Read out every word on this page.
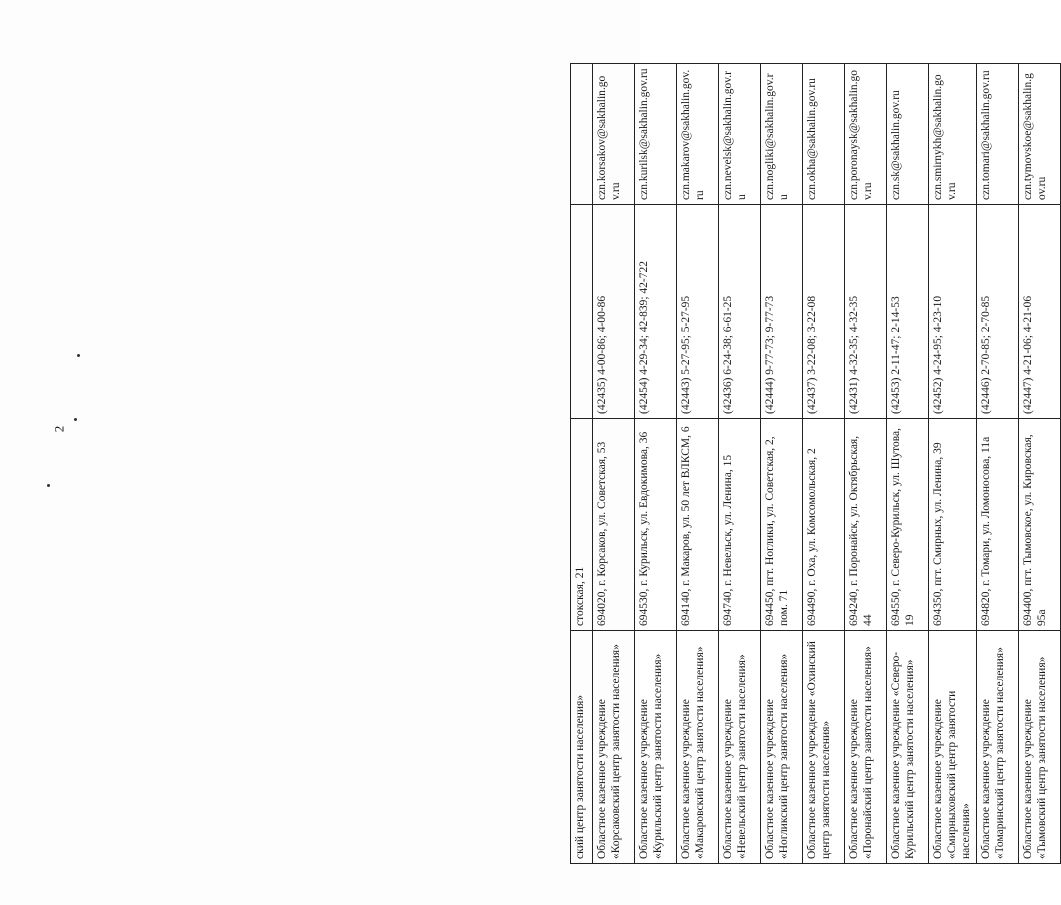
2
ский центр занятости населения»	стокская, 21		
Областное казенное учреждение «Корсаковский центр занятости населения»	694020, г. Корсаков, ул. Советская, 53	(42435) 4-00-86; 4-00-86	czn.korsakov@sakhalin.gov.ru
Областное казенное учреждение «Курильский центр занятости населения»	694530, г. Курильск, ул. Евдокимова, 36	(42454) 4-29-34; 42-839; 42-722	czn.kurilsk@sakhalin.gov.ru
Областное казенное учреждение «Макаровский центр занятости населения»	694140, г. Макаров, ул. 50 лет ВЛКСМ, 6	(42443) 5-27-95; 5-27-95	czn.makarov@sakhalin.gov.ru
Областное казенное учреждение «Невельский центр занятости населения»	694740, г. Невельск, ул. Ленина, 15	(42436) 6-24-38; 6-61-25	czn.nevelsk@sakhalin.gov.ru
Областное казенное учреждение «Ногликский центр занятости населения»	694450, пгт. Ноглики, ул. Советская, 2, пом. 71	(42444) 9-77-73; 9-77-73	czn.nogliki@sakhalin.gov.ru
Областное казенное учреждение «Охинский центр занятости населения»	694490, г. Оха, ул. Комсомольская, 2	(42437) 3-22-08; 3-22-08	czn.okha@sakhalin.gov.ru
Областное казенное учреждение «Поронайский центр занятости населения»	694240, г. Поронайск, ул. Октябрьская, 44	(42431) 4-32-35; 4-32-35	czn.poronaysk@sakhalin.gov.ru
Областное казенное учреждение «Северо-Курильский центр занятости населения»	694550, г. Северо-Курильск, ул. Шутова, 19	(42453) 2-11-47; 2-14-53	czn.sk@sakhalin.gov.ru
Областное казенное учреждение «Смирныховский центр занятости населения»	694350, пгт. Смирных, ул. Ленина, 39	(42452) 4-24-95; 4-23-10	czn.smirnykh@sakhalin.gov.ru
Областное казенное учреждение «Томаринский центр занятости населения»	694820, г. Томари, ул. Ломоносова, 11а	(42446) 2-70-85; 2-70-85	czn.tomari@sakhalin.gov.ru
Областное казенное учреждение «Тымовский центр занятости населения»	694400, пгт. Тымовское, ул. Кировская, 95а	(42447) 4-21-06; 4-21-06	czn.tymovskoe@sakhalin.gov.ru
